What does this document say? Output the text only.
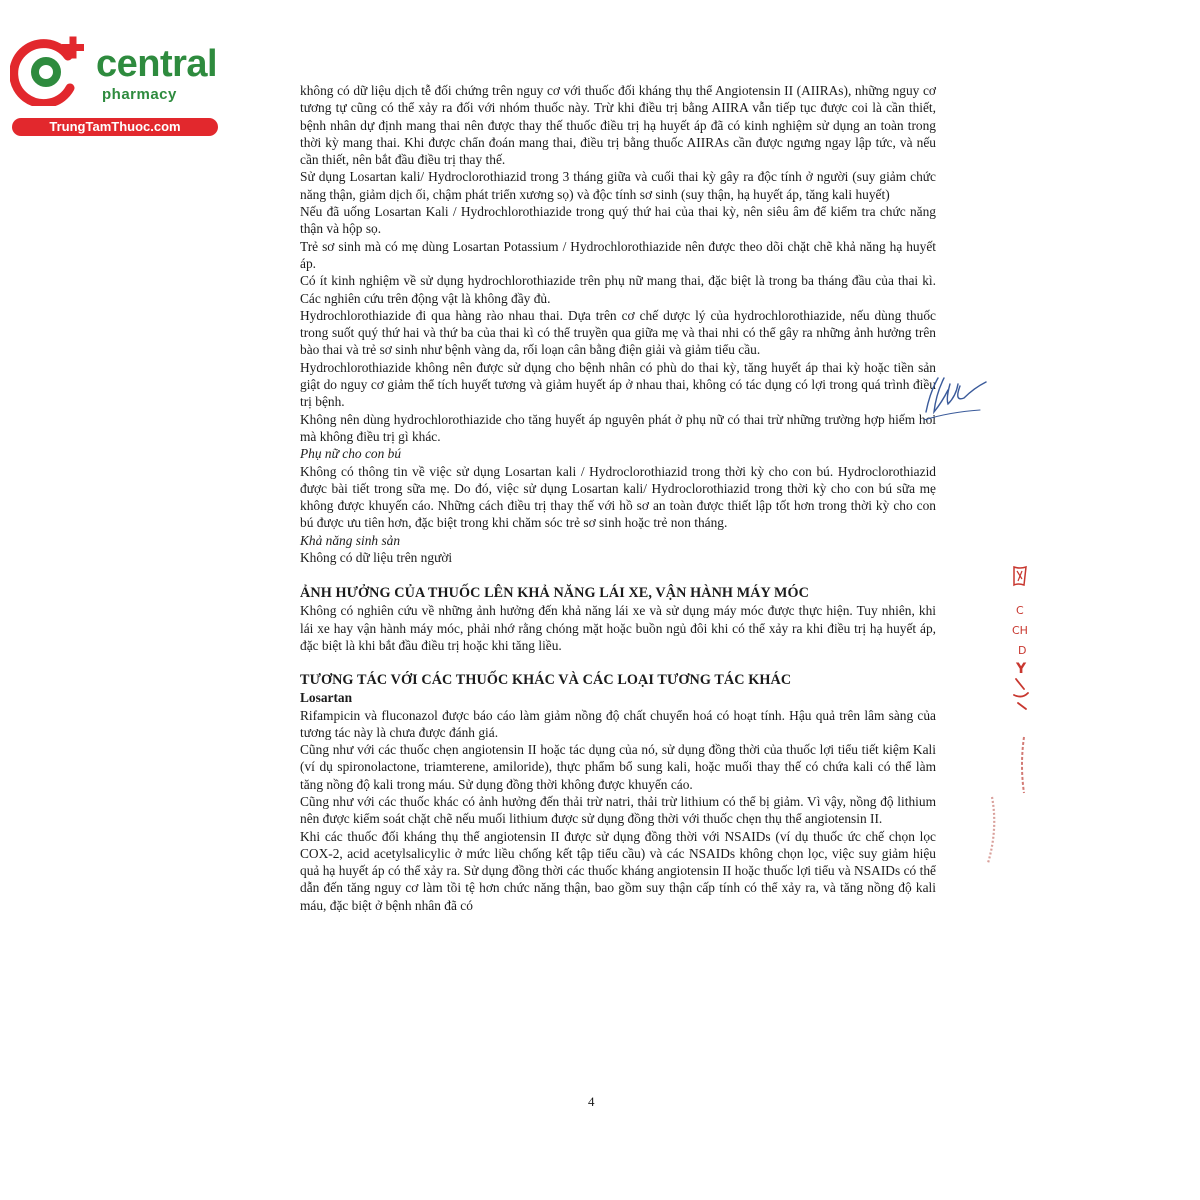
central
pharmacy
TrungTamThuoc.com

không có dữ liệu dịch tễ đối chứng trên nguy cơ với thuốc đối kháng thụ thể Angiotensin II (AIIRAs), những nguy cơ tương tự cũng có thể xảy ra đối với nhóm thuốc này. Trừ khi điều trị bằng AIIRA vẫn tiếp tục được coi là cần thiết, bệnh nhân dự định mang thai nên được thay thế thuốc điều trị hạ huyết áp đã có kinh nghiệm sử dụng an toàn trong thời kỳ mang thai. Khi được chẩn đoán mang thai, điều trị bằng thuốc AIIRAs cần được ngưng ngay lập tức, và nếu cần thiết, nên bắt đầu điều trị thay thế.

Sử dụng Losartan kali/ Hydroclorothiazid trong 3 tháng giữa và cuối thai kỳ gây ra độc tính ở người (suy giảm chức năng thận, giảm dịch ối, chậm phát triển xương sọ) và độc tính sơ sinh (suy thận, hạ huyết áp, tăng kali huyết)

Nếu đã uống Losartan Kali / Hydrochlorothiazide trong quý thứ hai của thai kỳ, nên siêu âm để kiểm tra chức năng thận và hộp sọ.

Trẻ sơ sinh mà có mẹ dùng Losartan Potassium / Hydrochlorothiazide nên được theo dõi chặt chẽ khả năng hạ huyết áp.

Có ít kinh nghiệm về sử dụng hydrochlorothiazide trên phụ nữ mang thai, đặc biệt là trong ba tháng đầu của thai kì. Các nghiên cứu trên động vật là không đầy đủ.

Hydrochlorothiazide đi qua hàng rào nhau thai. Dựa trên cơ chế dược lý của hydrochlorothiazide, nếu dùng thuốc trong suốt quý thứ hai và thứ ba của thai kì có thể truyền qua giữa mẹ và thai nhi có thể gây ra những ảnh hưởng trên bào thai và trẻ sơ sinh như bệnh vàng da, rối loạn cân bằng điện giải và giảm tiểu cầu.

Hydrochlorothiazide không nên được sử dụng cho bệnh nhân có phù do thai kỳ, tăng huyết áp thai kỳ hoặc tiền sản giật do nguy cơ giảm thể tích huyết tương và giảm huyết áp ở nhau thai, không có tác dụng có lợi trong quá trình điều trị bệnh.

Không nên dùng hydrochlorothiazide cho tăng huyết áp nguyên phát ở phụ nữ có thai trừ những trường hợp hiếm hoi mà không điều trị gì khác.

Phụ nữ cho con bú

Không có thông tin về việc sử dụng Losartan kali / Hydroclorothiazid trong thời kỳ cho con bú. Hydroclorothiazid được bài tiết trong sữa mẹ. Do đó, việc sử dụng Losartan kali/ Hydroclorothiazid trong thời kỳ cho con bú sữa mẹ không được khuyến cáo. Những cách điều trị thay thế với hồ sơ an toàn được thiết lập tốt hơn trong thời kỳ cho con bú được ưu tiên hơn, đặc biệt trong khi chăm sóc trẻ sơ sinh hoặc trẻ non tháng.

Khả năng sinh sản

Không có dữ liệu trên người

ẢNH HƯỞNG CỦA THUỐC LÊN KHẢ NĂNG LÁI XE, VẬN HÀNH MÁY MÓC

Không có nghiên cứu về những ảnh hưởng đến khả năng lái xe và sử dụng máy móc được thực hiện. Tuy nhiên, khi lái xe hay vận hành máy móc, phải nhớ rằng chóng mặt hoặc buồn ngủ đôi khi có thể xảy ra khi điều trị hạ huyết áp, đặc biệt là khi bắt đầu điều trị hoặc khi tăng liều.

TƯƠNG TÁC VỚI CÁC THUỐC KHÁC VÀ CÁC LOẠI TƯƠNG TÁC KHÁC
Losartan

Rifampicin và fluconazol được báo cáo làm giảm nồng độ chất chuyển hoá có hoạt tính. Hậu quả trên lâm sàng của tương tác này là chưa được đánh giá.

Cũng như với các thuốc chẹn angiotensin II hoặc tác dụng của nó, sử dụng đồng thời của thuốc lợi tiểu tiết kiệm Kali (ví dụ spironolactone, triamterene, amiloride), thực phẩm bổ sung kali, hoặc muối thay thế có chứa kali có thể làm tăng nồng độ kali trong máu. Sử dụng đồng thời không được khuyến cáo.

Cũng như với các thuốc khác có ảnh hưởng đến thải trừ natri, thải trừ lithium có thể bị giảm. Vì vậy, nồng độ lithium nên được kiểm soát chặt chẽ nếu muối lithium được sử dụng đồng thời với thuốc chẹn thụ thể angiotensin II.

Khi các thuốc đối kháng thụ thể angiotensin II được sử dụng đồng thời với NSAIDs (ví dụ thuốc ức chế chọn lọc COX-2, acid acetylsalicylic ở mức liều chống kết tập tiểu cầu) và các NSAIDs không chọn lọc, việc suy giảm hiệu quả hạ huyết áp có thể xảy ra. Sử dụng đồng thời các thuốc kháng angiotensin II hoặc thuốc lợi tiểu và NSAIDs có thể dẫn đến tăng nguy cơ làm tồi tệ hơn chức năng thận, bao gồm suy thận cấp tính có thể xảy ra, và tăng nồng độ kali máu, đặc biệt ở bệnh nhân đã có

4
C
CH
D
Y
